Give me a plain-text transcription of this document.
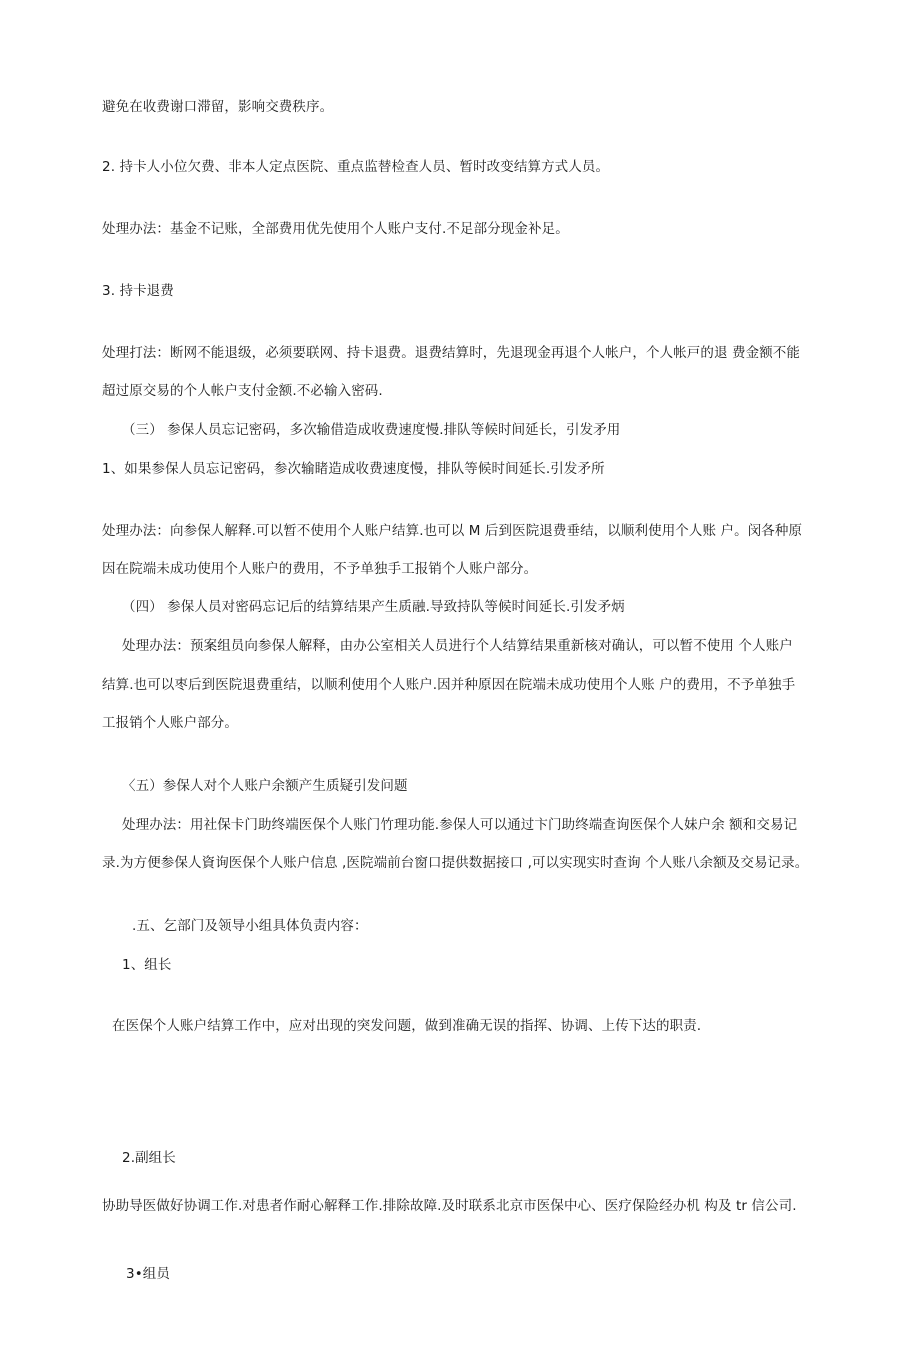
避免在收费谢口滞留，影响交费秩序。
2. 持卡人小位欠费、非本人定点医院、重点监替检查人员、暂时改变结算方式人员。
处理办法：基金不记账，全部费用优先使用个人账户支付.不足部分现金补足。
3. 持卡退费
处理打法：断网不能退级，必须要联网、持卡退费。退费结算时，先退现金再退个人帐户，个人帐戸的退 费金额不能
超过原交易的个人帐户支付金额.不必输入密码.
（三） 参保人员忘记密码，多次输借造成收费速度慢.排队等候时间延长，引发矛用
1、如果参保人员忘记密码，参次输睹造成收费速度慢，排队等候时间延长.引发矛所
处理办法：向参保人解释.可以暂不使用个人账户结算.也可以 M 后到医院退费垂结，以顺利使用个人账 户。闵各种原
因在院端未成功使用个人账户的费用，不予单独手工报销个人账户部分。
（四） 参保人员对密码忘记后的结算结果产生质融.导致持队等候时间延长.引发矛炳
处理办法：预案组员向参保人解释，由办公室相关人员进行个人结算结果重新核对确认，可以暂不使用 个人账户
结算.也可以枣后到医院退费重结，以顺利使用个人账户.因并种原因在院端未成功使用个人账 户的费用，不予单独手
工报销个人账户部分。
〈五）参保人对个人账户余额产生质疑引发问题
处理办法：用社保卡门助终端医保个人账门竹理功能.参保人可以通过卞门助终端查询医保个人妹户余 额和交易记
录.为方便参保人資询医保个人账户信息 ,医院端前台窗口提供数据接口 ,可以实现实时查询 个人账八余额及交易记录。
.五、乞部门及领导小组具体负责内容：
1、组长
在医保个人账户结算工作中，应对出现的突发问题，做到准确无误的指挥、协调、上传下达的职责.
2.副组长
协助导医做好协调工作.对患者作耐心解释工作.排除故障.及时联系北京市医保中心、医疗保险经办机 构及 tr 信公司.
3•组员
